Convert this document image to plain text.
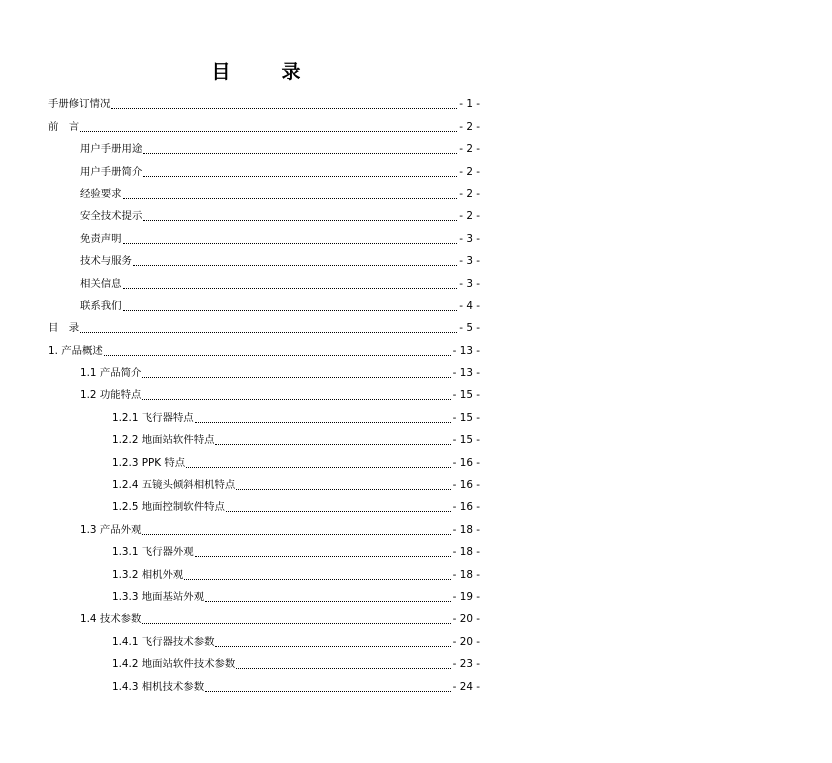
目　录
手册修订情况	- 1 -
前　言	- 2 -
用户手册用途	- 2 -
用户手册简介	- 2 -
经验要求	- 2 -
安全技术提示	- 2 -
免责声明	- 3 -
技术与服务	- 3 -
相关信息	- 3 -
联系我们	- 4 -
目　录	- 5 -
1. 产品概述	- 13 -
1.1 产品简介	- 13 -
1.2 功能特点	- 15 -
1.2.1 飞行器特点	- 15 -
1.2.2 地面站软件特点	- 15 -
1.2.3 PPK 特点	- 16 -
1.2.4 五镜头倾斜相机特点	- 16 -
1.2.5 地面控制软件特点	- 16 -
1.3 产品外观	- 18 -
1.3.1 飞行器外观	- 18 -
1.3.2 相机外观	- 18 -
1.3.3 地面基站外观	- 19 -
1.4 技术参数	- 20 -
1.4.1 飞行器技术参数	- 20 -
1.4.2 地面站软件技术参数	- 23 -
1.4.3 相机技术参数	- 24 -
